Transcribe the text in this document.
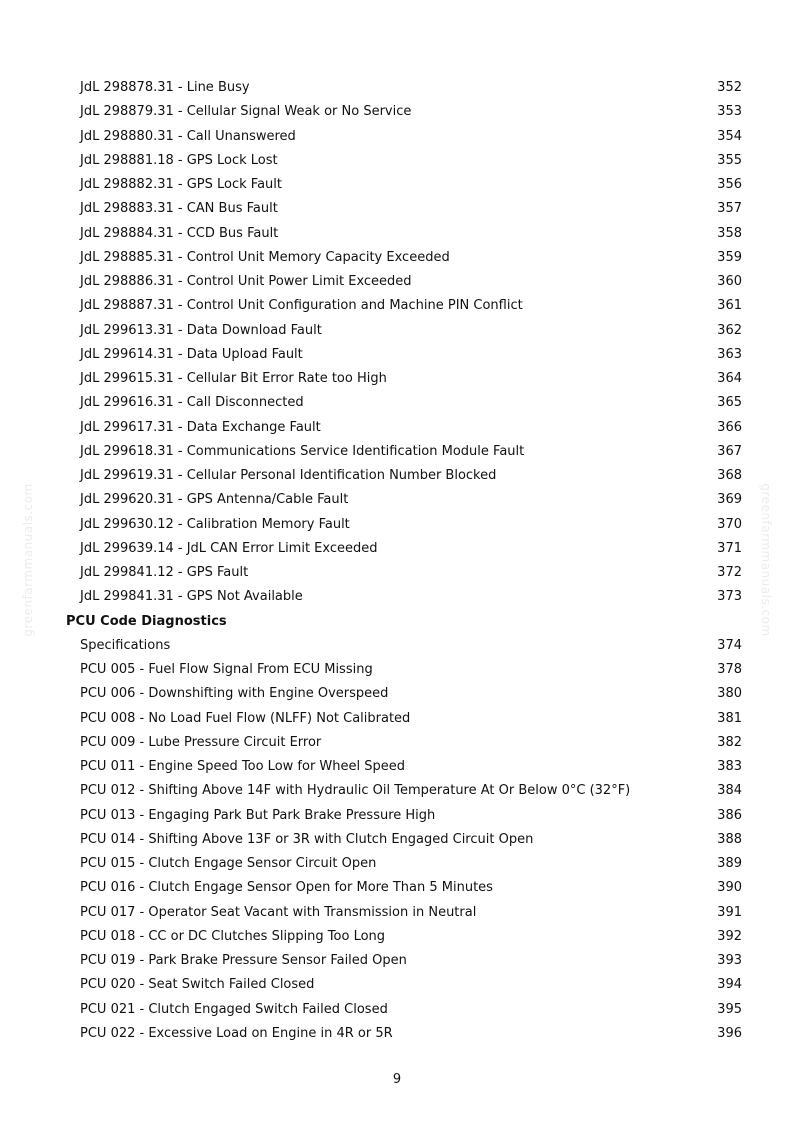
greenfarmmanuals.com	greenfarmmanuals.com
JdL 298878.31 - Line Busy	352
JdL 298879.31 - Cellular Signal Weak or No Service	353
JdL 298880.31 - Call Unanswered	354
JdL 298881.18 - GPS Lock Lost	355
JdL 298882.31 - GPS Lock Fault	356
JdL 298883.31 - CAN Bus Fault	357
JdL 298884.31 - CCD Bus Fault	358
JdL 298885.31 - Control Unit Memory Capacity Exceeded	359
JdL 298886.31 - Control Unit Power Limit Exceeded	360
JdL 298887.31 - Control Unit Configuration and Machine PIN Conflict	361
JdL 299613.31 - Data Download Fault	362
JdL 299614.31 - Data Upload Fault	363
JdL 299615.31 - Cellular Bit Error Rate too High	364
JdL 299616.31 - Call Disconnected	365
JdL 299617.31 - Data Exchange Fault	366
JdL 299618.31 - Communications Service Identification Module Fault	367
JdL 299619.31 - Cellular Personal Identification Number Blocked	368
JdL 299620.31 - GPS Antenna/Cable Fault	369
JdL 299630.12 - Calibration Memory Fault	370
JdL 299639.14 - JdL CAN Error Limit Exceeded	371
JdL 299841.12 - GPS Fault	372
JdL 299841.31 - GPS Not Available	373
PCU Code Diagnostics
Specifications	374
PCU 005 - Fuel Flow Signal From ECU Missing	378
PCU 006 - Downshifting with Engine Overspeed	380
PCU 008 - No Load Fuel Flow (NLFF) Not Calibrated	381
PCU 009 - Lube Pressure Circuit Error	382
PCU 011 - Engine Speed Too Low for Wheel Speed	383
PCU 012 - Shifting Above 14F with Hydraulic Oil Temperature At Or Below 0°C (32°F)	384
PCU 013 - Engaging Park But Park Brake Pressure High	386
PCU 014 - Shifting Above 13F or 3R with Clutch Engaged Circuit Open	388
PCU 015 - Clutch Engage Sensor Circuit Open	389
PCU 016 - Clutch Engage Sensor Open for More Than 5 Minutes	390
PCU 017 - Operator Seat Vacant with Transmission in Neutral	391
PCU 018 - CC or DC Clutches Slipping Too Long	392
PCU 019 - Park Brake Pressure Sensor Failed Open	393
PCU 020 - Seat Switch Failed Closed	394
PCU 021 - Clutch Engaged Switch Failed Closed	395
PCU 022 - Excessive Load on Engine in 4R or 5R	396
9
